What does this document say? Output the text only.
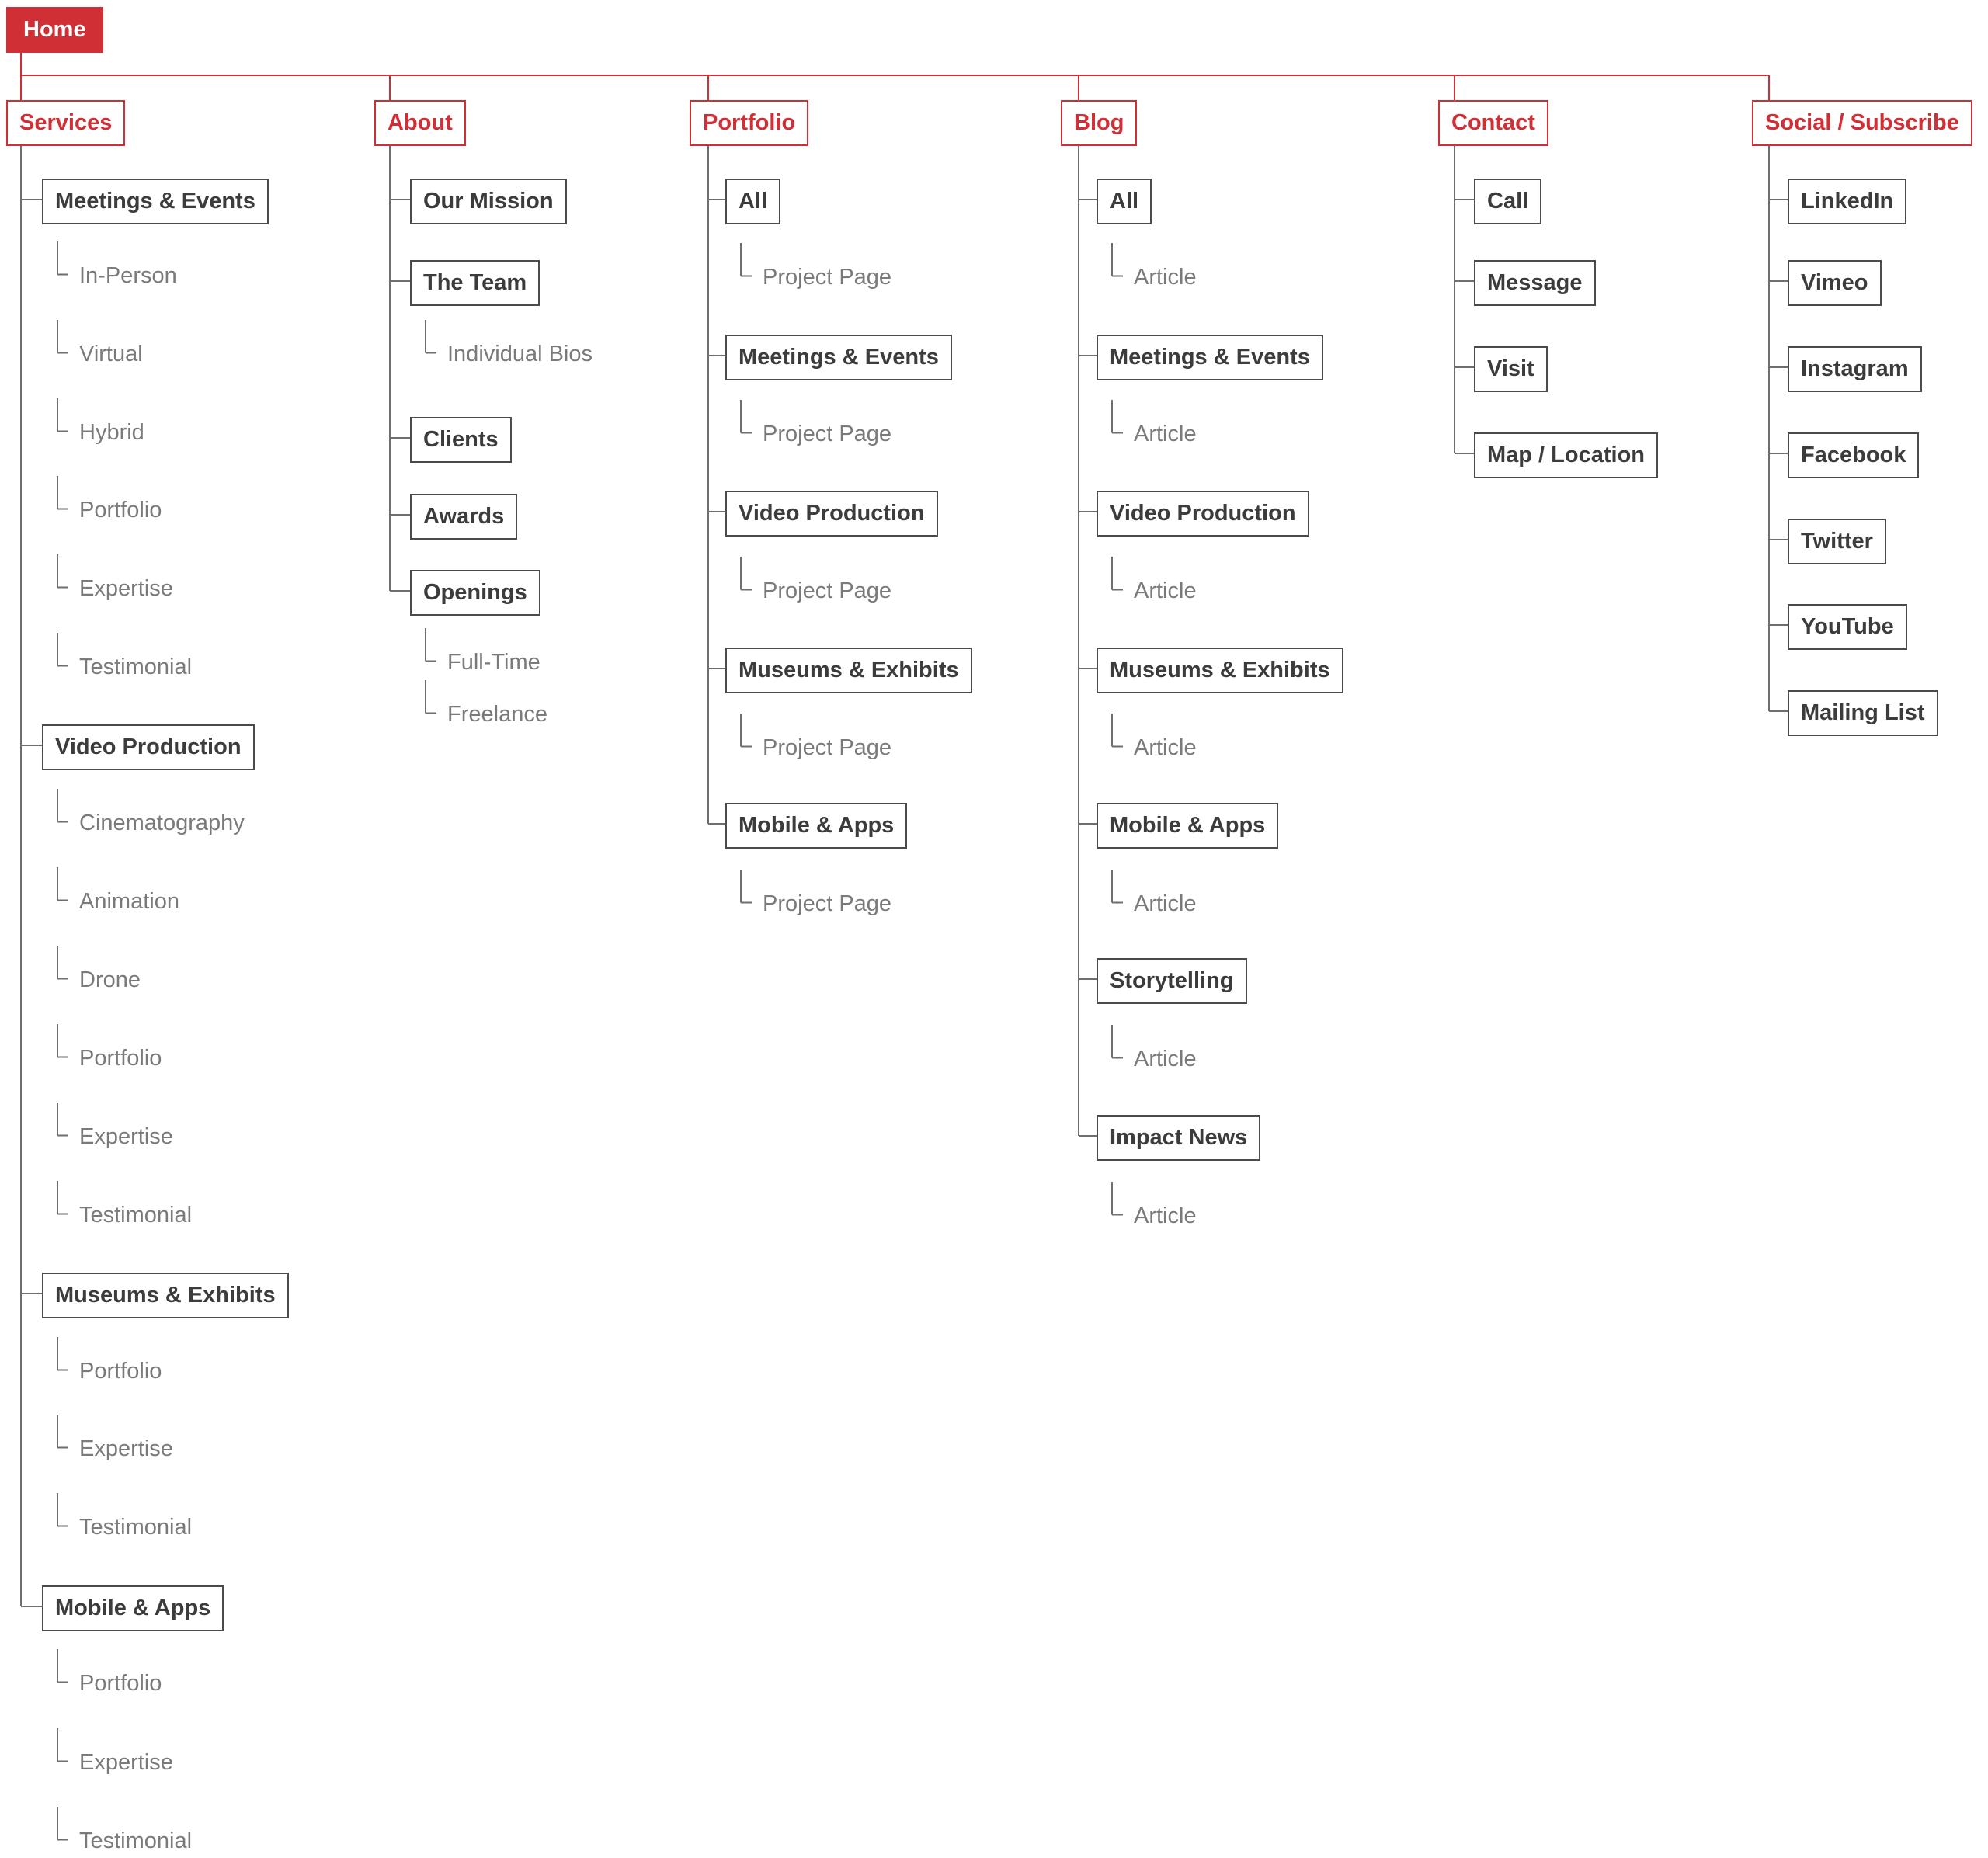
Home
Services
Meetings & Events
In-Person
Virtual
Hybrid
Portfolio
Expertise
Testimonial
Video Production
Cinematography
Animation
Drone
Portfolio
Expertise
Testimonial
Museums & Exhibits
Portfolio
Expertise
Testimonial
Mobile & Apps
Portfolio
Expertise
Testimonial
About
Our Mission
The Team
Individual Bios
Clients
Awards
Openings
Full-Time
Freelance
Portfolio
All
Project Page
Meetings & Events
Project Page
Video Production
Project Page
Museums & Exhibits
Project Page
Mobile & Apps
Project Page
Blog
All
Article
Meetings & Events
Article
Video Production
Article
Museums & Exhibits
Article
Mobile & Apps
Article
Storytelling
Article
Impact News
Article
Contact
Call
Message
Visit
Map / Location
Social / Subscribe
LinkedIn
Vimeo
Instagram
Facebook
Twitter
YouTube
Mailing List
